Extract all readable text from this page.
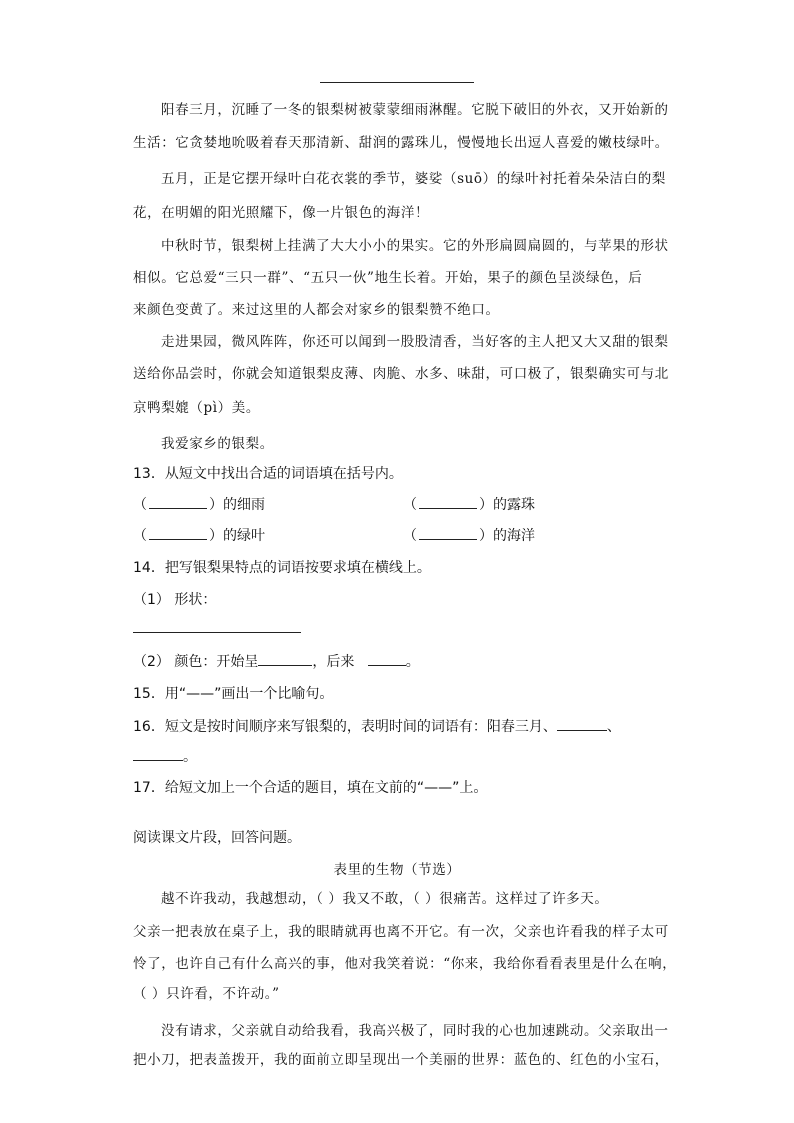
阳春三月，沉睡了一冬的银梨树被蒙蒙细雨淋醒。它脱下破旧的外衣，又开始新的
生活：它贪婪地吮吸着春天那清新、甜润的露珠儿，慢慢地长出逗人喜爱的嫩枝绿叶。
五月，正是它摆开绿叶白花衣裳的季节，婆娑（suō）的绿叶衬托着朵朵洁白的梨
花，在明媚的阳光照耀下，像一片银色的海洋！
中秋时节，银梨树上挂满了大大小小的果实。它的外形扁圆扁圆的，与苹果的形状
相似。它总爱“三只一群”、“五只一伙”地生长着。开始，果子的颜色呈淡绿色，后
来颜色变黄了。来过这里的人都会对家乡的银梨赞不绝口。
走进果园，微风阵阵，你还可以闻到一股股清香，当好客的主人把又大又甜的银梨
送给你品尝时，你就会知道银梨皮薄、肉脆、水多、味甜，可口极了，银梨确实可与北
京鸭梨媲（pì）美。
我爱家乡的银梨。
13．从短文中找出合适的词语填在括号内。
（	）的细雨	（	）的露珠
（	）的绿叶	（	）的海洋
14．把写银梨果特点的词语按要求填在横线上。
（1） 形状：
（2） 颜色：开始呈	，后来	。
15．用“——”画出一个比喻句。
16．短文是按时间顺序来写银梨的，表明时间的词语有：阳春三月、	、
。
17．给短文加上一个合适的题目，填在文前的“——”上。
阅读课文片段，回答问题。
表里的生物（节选）
越不许我动，我越想动，（ ）我又不敢，（ ）很痛苦。这样过了许多天。
父亲一把表放在桌子上，我的眼睛就再也离不开它。有一次，父亲也许看我的样子太可
怜了，也许自己有什么高兴的事，他对我笑着说：“你来，我给你看看表里是什么在响，
（ ）只许看，不许动。”
没有请求，父亲就自动给我看，我高兴极了，同时我的心也加速跳动。父亲取出一
把小刀，把表盖拨开，我的面前立即呈现出一个美丽的世界：蓝色的、红色的小宝石，
